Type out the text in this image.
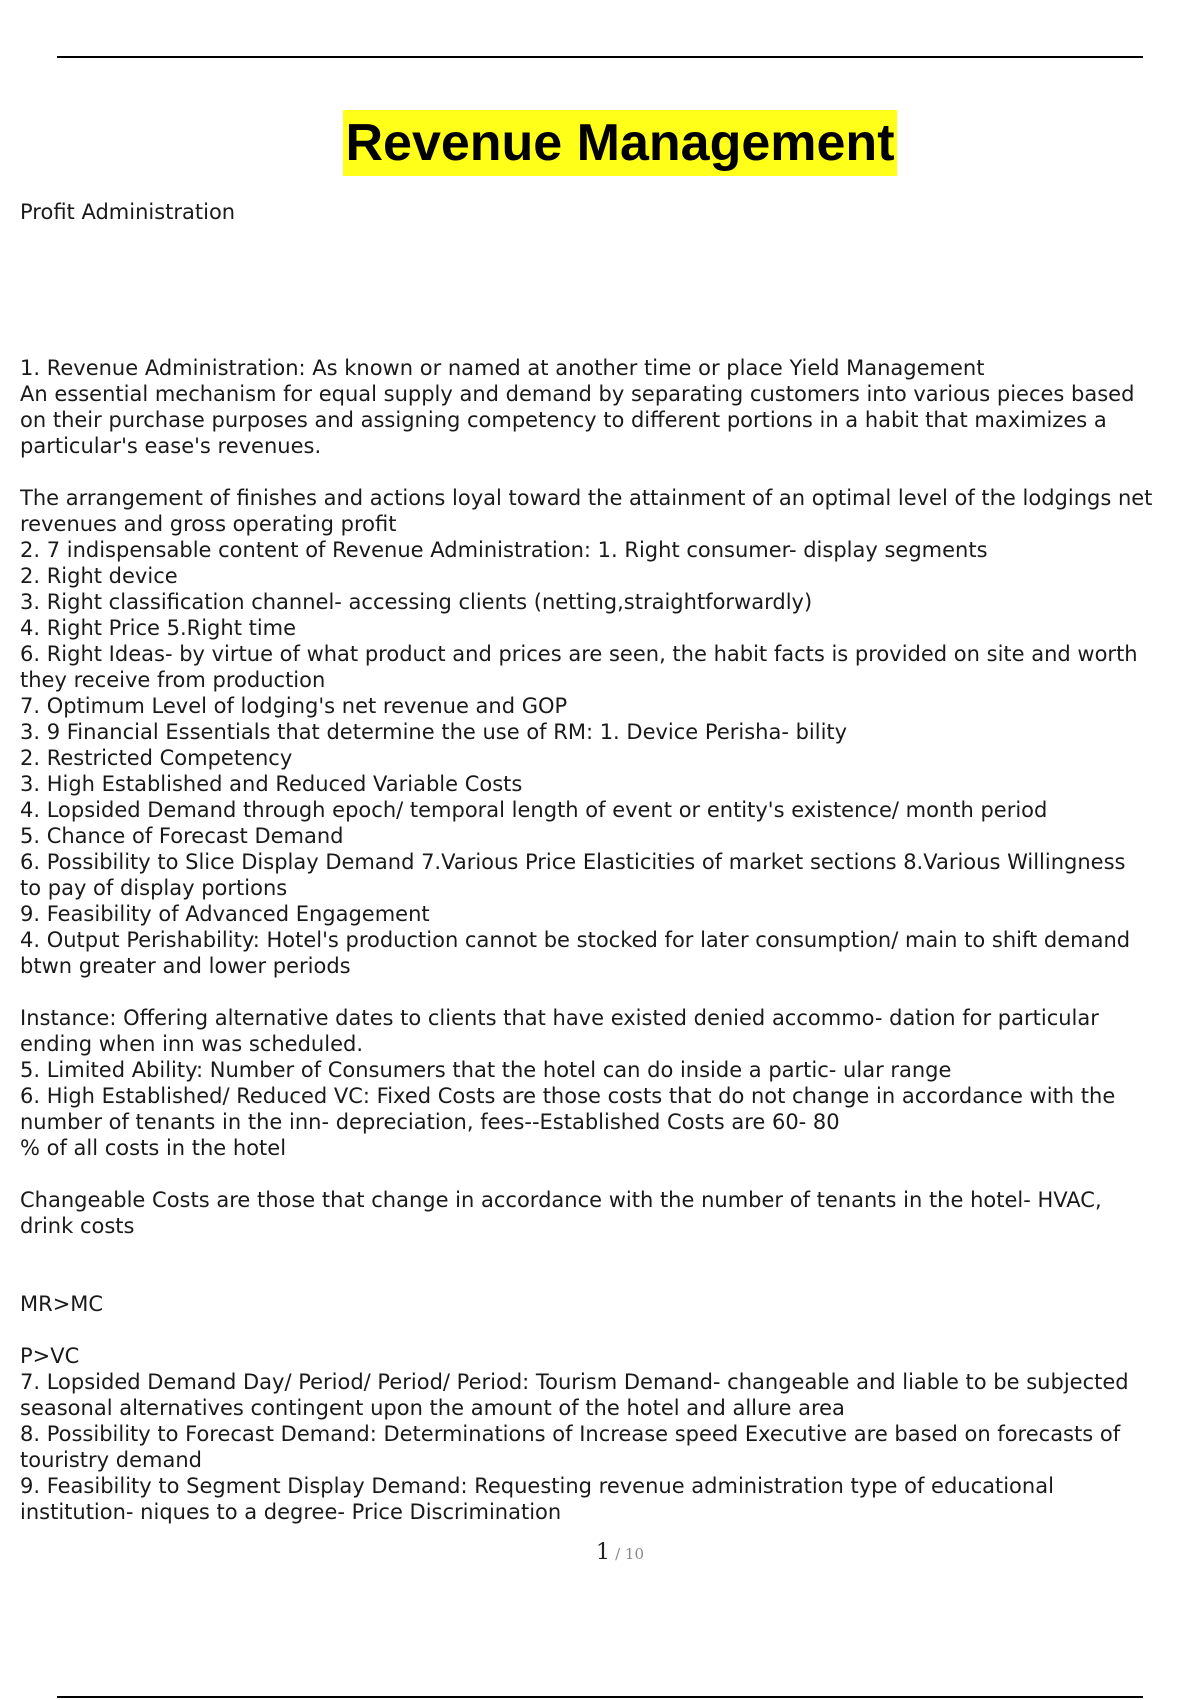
Revenue Management
Profit Administration
1. Revenue Administration: As known or named at another time or place Yield Management
An essential mechanism for equal supply and demand by separating customers into various pieces based
on their purchase purposes and assigning competency to different portions in a habit that maximizes a
particular's ease's revenues.
The arrangement of finishes and actions loyal toward the attainment of an optimal level of the lodgings net
revenues and gross operating profit
2. 7 indispensable content of Revenue Administration: 1. Right consumer- display segments
2. Right device
3. Right classification channel- accessing clients (netting,straightforwardly)
4. Right Price 5.Right time
6. Right Ideas- by virtue of what product and prices are seen, the habit facts is provided on site and worth
they receive from production
7. Optimum Level of lodging's net revenue and GOP
3. 9 Financial Essentials that determine the use of RM: 1. Device Perisha- bility
2. Restricted Competency
3. High Established and Reduced Variable Costs
4. Lopsided Demand through epoch/ temporal length of event or entity's existence/ month period
5. Chance of Forecast Demand
6. Possibility to Slice Display Demand 7.Various Price Elasticities of market sections 8.Various Willingness
to pay of display portions
9. Feasibility of Advanced Engagement
4. Output Perishability: Hotel's production cannot be stocked for later consumption/ main to shift demand
btwn greater and lower periods
Instance: Offering alternative dates to clients that have existed denied accommo- dation for particular
ending when inn was scheduled.
5. Limited Ability: Number of Consumers that the hotel can do inside a partic- ular range
6. High Established/ Reduced VC: Fixed Costs are those costs that do not change in accordance with the
number of tenants in the inn- depreciation, fees--Established Costs are 60- 80
% of all costs in the hotel
Changeable Costs are those that change in accordance with the number of tenants in the hotel- HVAC,
drink costs
MR>MC
P>VC
7. Lopsided Demand Day/ Period/ Period/ Period: Tourism Demand- changeable and liable to be subjected
seasonal alternatives contingent upon the amount of the hotel and allure area
8. Possibility to Forecast Demand: Determinations of Increase speed Executive are based on forecasts of
touristry demand
9. Feasibility to Segment Display Demand: Requesting revenue administration type of educational
institution- niques to a degree- Price Discrimination
1 / 10
